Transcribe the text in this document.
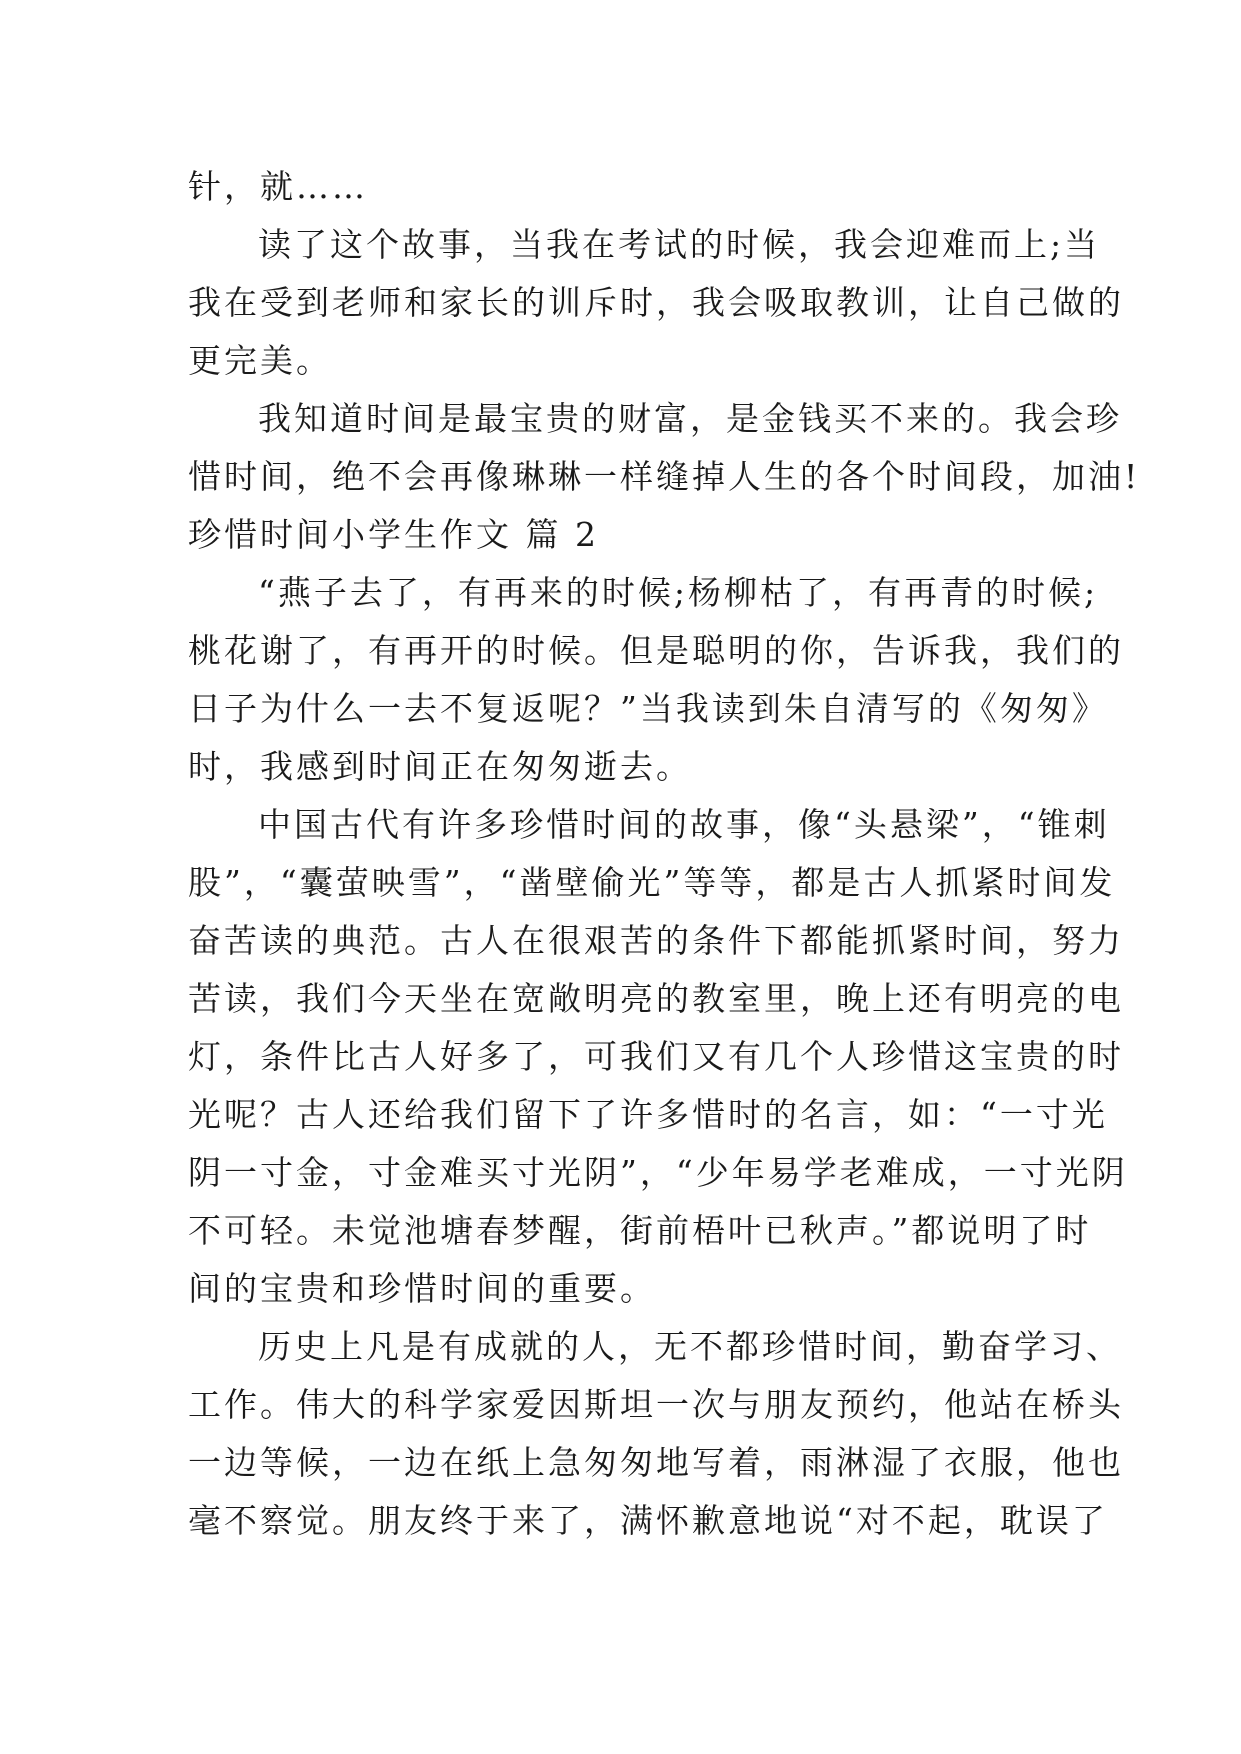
针，就……
读了这个故事，当我在考试的时候，我会迎难而上;当
我在受到老师和家长的训斥时，我会吸取教训，让自己做的
更完美。
我知道时间是最宝贵的财富，是金钱买不来的。我会珍
惜时间，绝不会再像琳琳一样缝掉人生的各个时间段，加油!
珍惜时间小学生作文 篇 2
“燕子去了，有再来的时候;杨柳枯了，有再青的时候;
桃花谢了，有再开的时候。但是聪明的你，告诉我，我们的
日子为什么一去不复返呢？”当我读到朱自清写的《匆匆》
时，我感到时间正在匆匆逝去。
中国古代有许多珍惜时间的故事，像“头悬梁”，“锥刺
股”，“囊萤映雪”，“凿壁偷光”等等，都是古人抓紧时间发
奋苦读的典范。古人在很艰苦的条件下都能抓紧时间，努力
苦读，我们今天坐在宽敞明亮的教室里，晚上还有明亮的电
灯，条件比古人好多了，可我们又有几个人珍惜这宝贵的时
光呢？古人还给我们留下了许多惜时的名言，如：“一寸光
阴一寸金，寸金难买寸光阴”，“少年易学老难成，一寸光阴
不可轻。未觉池塘春梦醒，街前梧叶已秋声。”都说明了时
间的宝贵和珍惜时间的重要。
历史上凡是有成就的人，无不都珍惜时间，勤奋学习、
工作。伟大的科学家爱因斯坦一次与朋友预约，他站在桥头
一边等候，一边在纸上急匆匆地写着，雨淋湿了衣服，他也
毫不察觉。朋友终于来了，满怀歉意地说“对不起，耽误了
